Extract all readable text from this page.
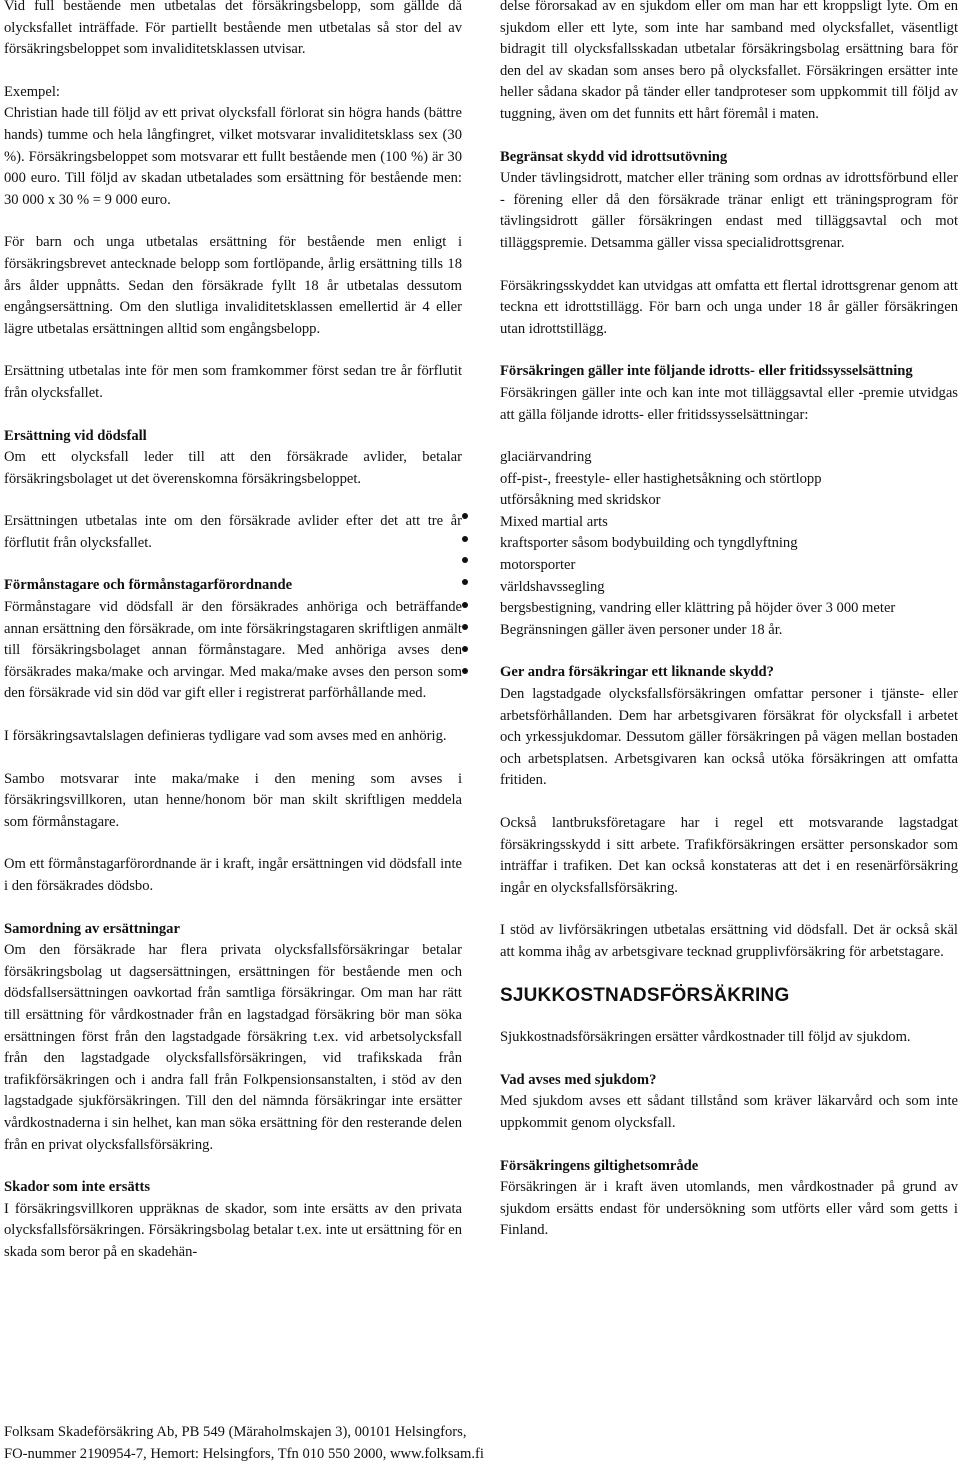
Vid full bestående men utbetalas det försäkringsbelopp, som gällde då olycksfallet inträffade. För partiellt bestående men utbetalas så stor del av försäkringsbeloppet som invaliditetsklassen utvisar.

Exempel:
Christian hade till följd av ett privat olycksfall förlorat sin högra hands (bättre hands) tumme och hela långfingret, vilket motsvarar invaliditetsklass sex (30 %). Försäkringsbeloppet som motsvarar ett fullt bestående men (100 %) är 30 000 euro. Till följd av skadan utbetalades som ersättning för bestående men: 30 000 x 30 % = 9 000 euro.

För barn och unga utbetalas ersättning för bestående men enligt i försäkringsbrevet antecknade belopp som fortlöpande, årlig ersättning tills 18 års ålder uppnåtts. Sedan den försäkrade fyllt 18 år utbetalas dessutom engångsersättning. Om den slutliga invaliditetsklassen emellertid är 4 eller lägre utbetalas ersättningen alltid som engångsbelopp.

Ersättning utbetalas inte för men som framkommer först sedan tre år förflutit från olycksfallet.

Ersättning vid dödsfall
Om ett olycksfall leder till att den försäkrade avlider, betalar försäkringsbolaget ut det överenskomna försäkringsbeloppet.

Ersättningen utbetalas inte om den försäkrade avlider efter det att tre år förflutit från olycksfallet.

Förmånstagare och förmånstagarförordnande
Förmånstagare vid dödsfall är den försäkrades anhöriga och beträffande annan ersättning den försäkrade, om inte försäkringstagaren skriftligen anmält till försäkringsbolaget annan förmånstagare. Med anhöriga avses den försäkrades maka/make och arvingar. Med maka/make avses den person som den försäkrade vid sin död var gift eller i registrerat parförhållande med.

I försäkringsavtalslagen definieras tydligare vad som avses med en anhörig.

Sambo motsvarar inte maka/make i den mening som avses i försäkringsvillkoren, utan henne/honom bör man skilt skriftligen meddela som förmånstagare.

Om ett förmånstagarförordnande är i kraft, ingår ersättningen vid dödsfall inte i den försäkrades dödsbo.

Samordning av ersättningar
Om den försäkrade har flera privata olycksfallsförsäkringar betalar försäkringsbolag ut dagsersättningen, ersättningen för bestående men och dödsfallsersättningen oavkortad från samtliga försäkringar. Om man har rätt till ersättning för vårdkostnader från en lagstadgad försäkring bör man söka ersättningen först från den lagstadgade försäkring t.ex. vid arbetsolycksfall från den lagstadgade olycksfallsförsäkringen, vid trafikskada från trafikförsäkringen och i andra fall från Folkpensionsanstalten, i stöd av den lagstadgade sjukförsäkringen. Till den del nämnda försäkringar inte ersätter vårdkostnaderna i sin helhet, kan man söka ersättning för den resterande delen från en privat olycksfallsförsäkring.

Skador som inte ersätts
I försäkringsvillkoren uppräknas de skador, som inte ersätts av den privata olycksfallsförsäkringen. Försäkringsbolag betalar t.ex. inte ut ersättning för en skada som beror på en skadehän-

delse förorsakad av en sjukdom eller om man har ett kroppsligt lyte. Om en sjukdom eller ett lyte, som inte har samband med olycksfallet, väsentligt bidragit till olycksfallsskadan utbetalar försäkringsbolag ersättning bara för den del av skadan som anses bero på olycksfallet. Försäkringen ersätter inte heller sådana skador på tänder eller tandproteser som uppkommit till följd av tuggning, även om det funnits ett hårt föremål i maten.

Begränsat skydd vid idrottsutövning
Under tävlingsidrott, matcher eller träning som ordnas av idrottsförbund eller - förening eller då den försäkrade tränar enligt ett träningsprogram för tävlingsidrott gäller försäkringen endast med tilläggsavtal och mot tilläggspremie. Detsamma gäller vissa specialidrottsgrenar.

Försäkringsskyddet kan utvidgas att omfatta ett flertal idrottsgrenar genom att teckna ett idrottstillägg. För barn och unga under 18 år gäller försäkringen utan idrottstillägg.

Försäkringen gäller inte följande idrotts- eller fritidssysselsättning
Försäkringen gäller inte och kan inte mot tilläggsavtal eller -premie utvidgas att gälla följande idrotts- eller fritidssysselsättningar:

glaciärvandring
off-pist-, freestyle- eller hastighetsåkning och störtlopp
utförsåkning med skridskor
Mixed martial arts
kraftsporter såsom bodybuilding och tyngdlyftning
motorsporter
världshavssegling
bergsbestigning, vandring eller klättring på höjder över 3 000 meter
Begränsningen gäller även personer under 18 år.

Ger andra försäkringar ett liknande skydd?
Den lagstadgade olycksfallsförsäkringen omfattar personer i tjänste- eller arbetsförhållanden. Dem har arbetsgivaren försäkrat för olycksfall i arbetet och yrkessjukdomar. Dessutom gäller försäkringen på vägen mellan bostaden och arbetsplatsen. Arbetsgivaren kan också utöka försäkringen att omfatta fritiden.

Också lantbruksföretagare har i regel ett motsvarande lagstadgat försäkringsskydd i sitt arbete. Trafikförsäkringen ersätter personskador som inträffar i trafiken. Det kan också konstateras att det i en resenärförsäkring ingår en olycksfallsförsäkring.

I stöd av livförsäkringen utbetalas ersättning vid dödsfall. Det är också skäl att komma ihåg av arbetsgivare tecknad grupplivförsäkring för arbetstagare.

SJUKKOSTNADSFÖRSÄKRING

Sjukkostnadsförsäkringen ersätter vårdkostnader till följd av sjukdom.

Vad avses med sjukdom?
Med sjukdom avses ett sådant tillstånd som kräver läkarvård och som inte uppkommit genom olycksfall.

Försäkringens giltighetsområde
Försäkringen är i kraft även utomlands, men vårdkostnader på grund av sjukdom ersätts endast för undersökning som utförts eller vård som getts i Finland.

Folksam Skadeförsäkring Ab, PB 549 (Märaholmskajen 3), 00101 Helsingfors,
FO-nummer 2190954-7, Hemort: Helsingfors, Tfn 010 550 2000, www.folksam.fi
